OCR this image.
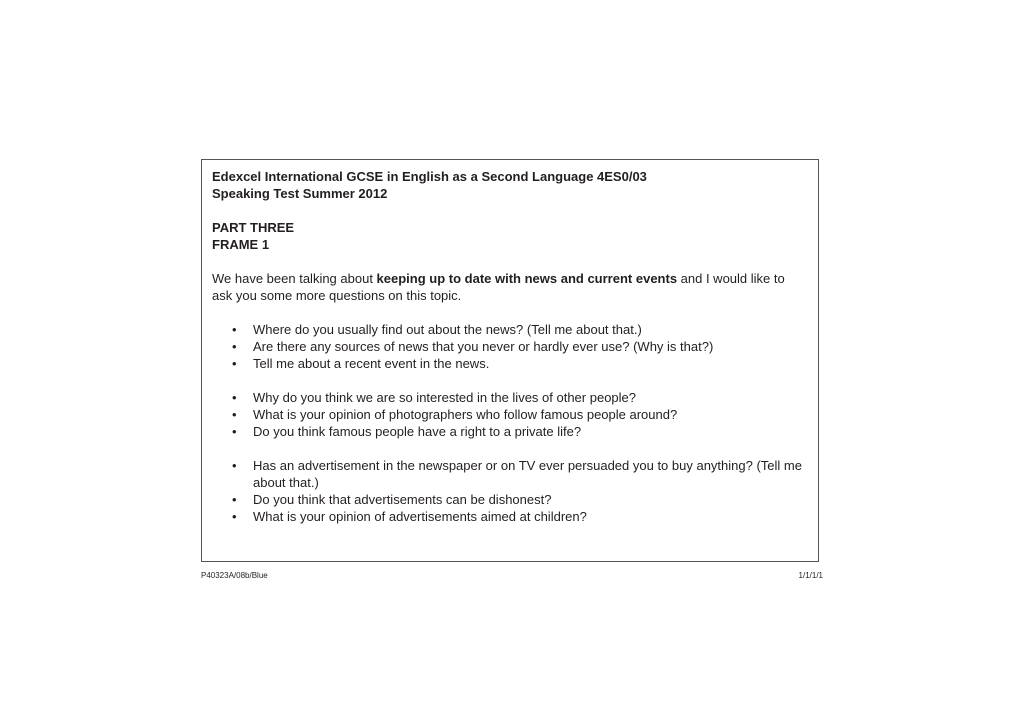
Edexcel International GCSE in English as a Second Language 4ES0/03

Speaking Test Summer 2012

PART THREE

FRAME 1

We have been talking about keeping up to date with news and current events and I would like to ask you some more questions on this topic.

• Where do you usually find out about the news? (Tell me about that.)
• Are there any sources of news that you never or hardly ever use? (Why is that?)
• Tell me about a recent event in the news.
• Why do you think we are so interested in the lives of other people?
• What is your opinion of photographers who follow famous people around?
• Do you think famous people have a right to a private life?
• Has an advertisement in the newspaper or on TV ever persuaded you to buy anything? (Tell me about that.)
• Do you think that advertisements can be dishonest?
• What is your opinion of advertisements aimed at children?
P40323A/08b/Blue	1/1/1/1
